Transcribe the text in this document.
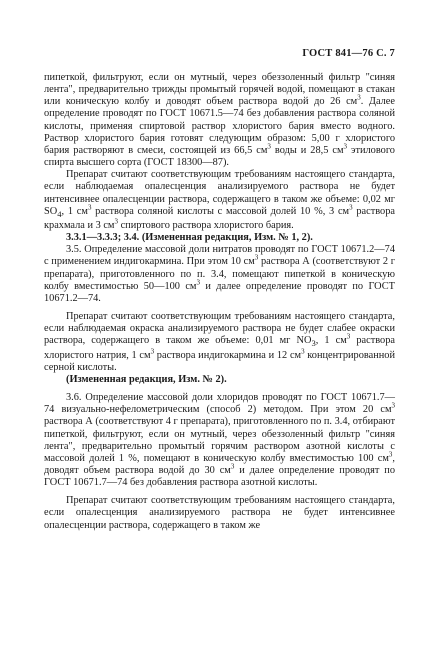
ГОСТ 841—76 С. 7

пипеткой, фильтруют, если он мутный, через обеззоленный фильтр "синяя лента", предварительно трижды промытый горячей водой, помещают в стакан или коническую колбу и доводят объем раствора водой до 26 $см^3$. Далее определение проводят по ГОСТ 10671.5—74 без добавления раствора соляной кислоты, применяя спиртовой раствор хлористого бария вместо водного. Раствор хлористого бария готовят следующим образом: 5,00 г хлористого бария растворяют в смеси, состоящей из 66,5 $см^3$ воды и 28,5 $см^3$ этилового спирта высшего сорта (ГОСТ 18300—87).

Препарат считают соответствующим требованиям настоящего стандарта, если наблюдаемая опалесценция анализируемого раствора не будет интенсивнее опалесценции раствора, содержащего в таком же объеме: 0,02 мг $SO_4$, 1 $см^3$ раствора соляной кислоты с массовой долей 10 %, 3 $см^3$ раствора крахмала и 3 $см^3$ спиртового раствора хлористого бария.

3.3.1—3.3.3; 3.4. (Измененная редакция, Изм. № 1, 2).

3.5. Определение массовой доли нитратов проводят по ГОСТ 10671.2—74 с применением индигокармина. При этом 10 $см^3$ раствора А (соответствуют 2 г препарата), приготовленного по п. 3.4, помещают пипеткой в коническую колбу вместимостью 50—100 $см^3$ и далее определение проводят по ГОСТ 10671.2—74.

Препарат считают соответствующим требованиям настоящего стандарта, если наблюдаемая окраска анализируемого раствора не будет слабее окраски раствора, содержащего в таком же объеме: 0,01 мг $NO_3$, 1 $см^3$ раствора хлористого натрия, 1 $см^3$ раствора индигокармина и 12 $см^3$ концентрированной серной кислоты.

(Измененная редакция, Изм. № 2).

3.6. Определение массовой доли хлоридов проводят по ГОСТ 10671.7—74 визуально-нефелометрическим (способ 2) методом. При этом 20 $см^3$ раствора А (соответствуют 4 г препарата), приготовленного по п. 3.4, отбирают пипеткой, фильтруют, если он мутный, через обеззоленный фильтр "синяя лента", предварительно промытый горячим раствором азотной кислоты с массовой долей 1 %, помещают в коническую колбу вместимостью 100 $см^3$, доводят объем раствора водой до 30 $см^3$ и далее определение проводят по ГОСТ 10671.7—74 без добавления раствора азотной кислоты.

Препарат считают соответствующим требованиям настоящего стандарта, если опалесценция анализируемого раствора не будет интенсивнее опалесценции раствора, содержащего в таком же
